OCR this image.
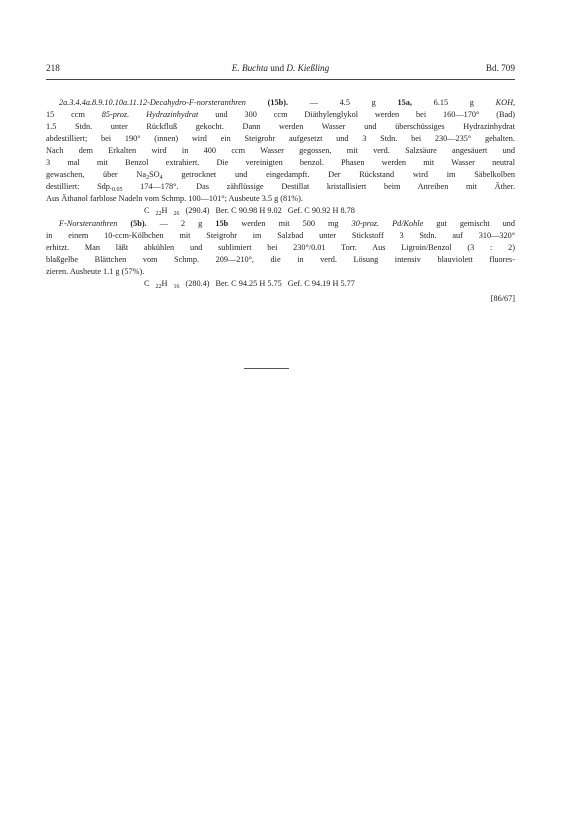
218	E. Buchta und D. Kießling	Bd. 709
2a.3.4.4a.8.9.10.10a.11.12-Decahydro-F-norsteranthren	(15b).	— 4.5 g	15a,	6.15 g	KOH,
15 ccm 85-proz. Hydrazinhydrat und 300 ccm Diäthylenglykol werden bei 160—170° (Bad)
1.5 Stdn. unter Rückfluß gekocht. Dann werden Wasser und überschüssiges Hydrazinhydrat
abdestilliert; bei 190° (innen) wird ein Steigrohr aufgesetzt und 3 Stdn. bei 230—235° gehalten.
Nach dem Erkalten wird in 400 ccm Wasser gegossen, mit verd. Salzsäure angesäuert und
3 mal mit Benzol extrahiert. Die vereinigten benzol. Phasen werden mit Wasser neutral
gewaschen, über $Na_2SO_4$ getrocknet und eingedampft. Der Rückstand wird im Säbelkolben
destilliert: $Sdp._{0.05}$ 174—178°. Das zähflüssige Destillat kristallisiert beim Anreiben mit Äther.
Aus Äthanol farblose Nadeln vom Schmp. 100—101°; Ausbeute 3.5 g (81%).

C $_{22}$H $_{26}$ (290.4) Ber. C 90.98 H 9.02 Gef. C 90.92 H 8.78

F-Norsteranthren (5b). — 2 g 15b werden mit 500 mg 30-proz. Pd/Kohle gut gemischt und
in einem 10-ccm-Kölbchen mit Steigrohr im Salzbad unter Stickstoff 3 Stdn. auf 310—320°
erhitzt. Man läßt abkühlen und sublimiert bei 230°/0.01 Torr. Aus Ligroin/Benzol (3 : 2)
blaßgelbe Blättchen vom Schmp. 209—210°, die in verd. Lösung intensiv blauviolett fluores-
zieren. Ausbeute 1.1 g (57%).

C $_{22}$H $_{16}$ (280.4) Ber. C 94.25 H 5.75 Gef. C 94.19 H 5.77

[86/67]
